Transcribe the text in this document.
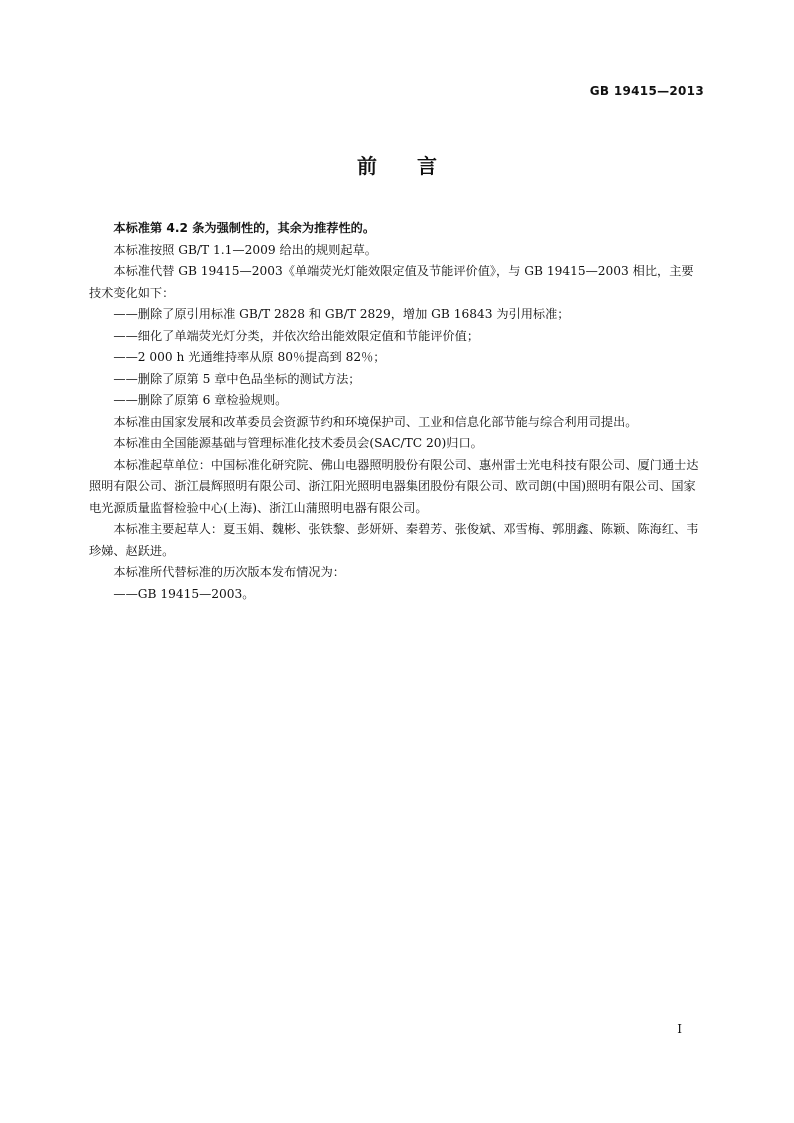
GB 19415—2013
前 言

本标准第 4.2 条为强制性的，其余为推荐性的。

本标准按照 GB/T 1.1—2009 给出的规则起草。

本标准代替 GB 19415—2003《单端荧光灯能效限定值及节能评价值》，与 GB 19415—2003 相比，主要技术变化如下：

——删除了原引用标准 GB/T 2828 和 GB/T 2829，增加 GB 16843 为引用标准；

——细化了单端荧光灯分类，并依次给出能效限定值和节能评价值；

——2 000 h 光通维持率从原 80％提高到 82％；

——删除了原第 5 章中色品坐标的测试方法；

——删除了原第 6 章检验规则。

本标准由国家发展和改革委员会资源节约和环境保护司、工业和信息化部节能与综合利用司提出。

本标准由全国能源基础与管理标准化技术委员会(SAC/TC 20)归口。

本标准起草单位：中国标准化研究院、佛山电器照明股份有限公司、惠州雷士光电科技有限公司、厦门通士达照明有限公司、浙江晨辉照明有限公司、浙江阳光照明电器集团股份有限公司、欧司朗(中国)照明有限公司、国家电光源质量监督检验中心(上海)、浙江山蒲照明电器有限公司。

本标准主要起草人：夏玉娟、魏彬、张铁黎、彭妍妍、秦碧芳、张俊斌、邓雪梅、郭朋鑫、陈颖、陈海红、韦珍娣、赵跃进。

本标准所代替标准的历次版本发布情况为：

——GB 19415—2003。

I
